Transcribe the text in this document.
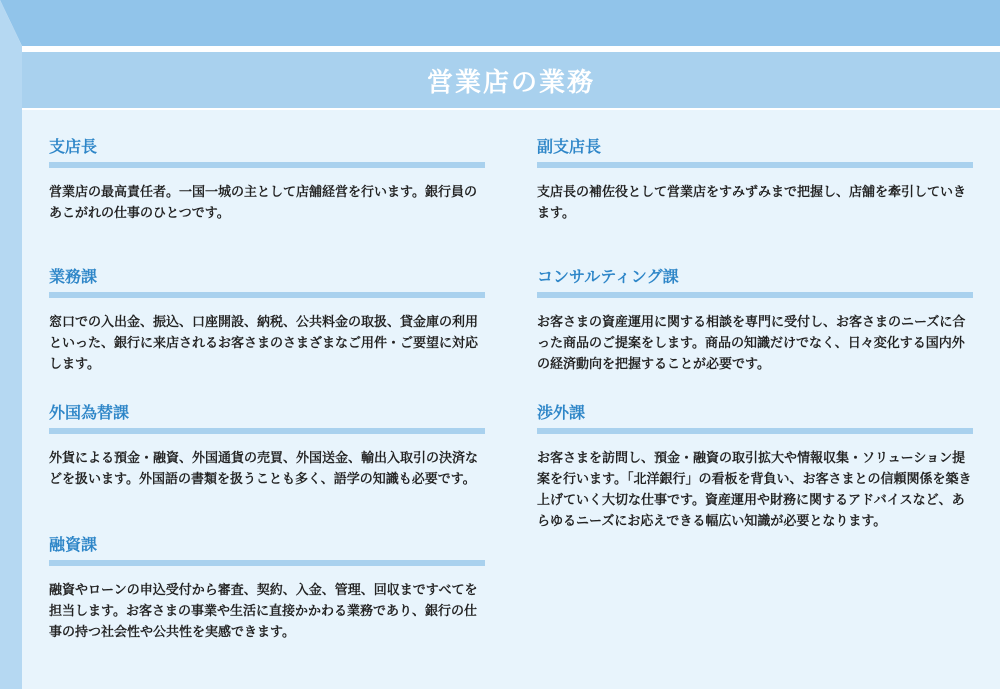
営業店の業務
支店長
営業店の最高責任者。一国一城の主として店舗経営を行います。銀行員のあこがれの仕事のひとつです。
副支店長
支店長の補佐役として営業店をすみずみまで把握し、店舗を牽引していきます。
業務課
窓口での入出金、振込、口座開設、納税、公共料金の取扱、貸金庫の利用といった、銀行に来店されるお客さまのさまざまなご用件・ご要望に対応します。
コンサルティング課
お客さまの資産運用に関する相談を専門に受付し、お客さまのニーズに合った商品のご提案をします。商品の知識だけでなく、日々変化する国内外の経済動向を把握することが必要です。
外国為替課
外貨による預金・融資、外国通貨の売買、外国送金、輸出入取引の決済などを扱います。外国語の書類を扱うことも多く、語学の知識も必要です。
渉外課
お客さまを訪問し、預金・融資の取引拡大や情報収集・ソリューション提案を行います。「北洋銀行」の看板を背負い、お客さまとの信頼関係を築き上げていく大切な仕事です。資産運用や財務に関するアドバイスなど、あらゆるニーズにお応えできる幅広い知識が必要となります。
融資課
融資やローンの申込受付から審査、契約、入金、管理、回収まですべてを担当します。お客さまの事業や生活に直接かかわる業務であり、銀行の仕事の持つ社会性や公共性を実感できます。
